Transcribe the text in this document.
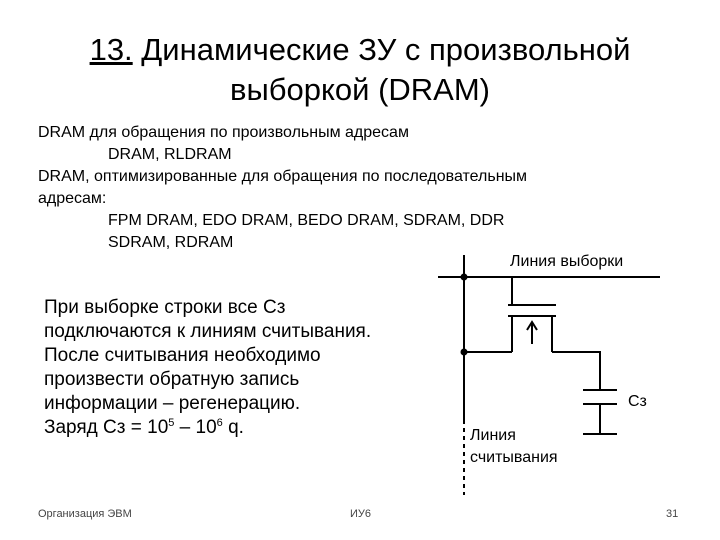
13. Динамические ЗУ с произвольной
выборкой (DRAM)
DRAM для обращения по произвольным адресам
DRAM, RLDRAM
DRAM, оптимизированные для обращения по последовательным
адресам:
FPM DRAM, EDO DRAM, BEDO DRAM, SDRAM, DDR
SDRAM, RDRAM
При выборке строки все Cз
подключаются к линиям считывания.
После считывания необходимо
произвести обратную запись
информации – регенерацию.
Заряд Cз = $10^5 - 10^6$ q.
Линия выборки
Cз
Линия
считывания
Организация ЭВМ	ИУ6	31
